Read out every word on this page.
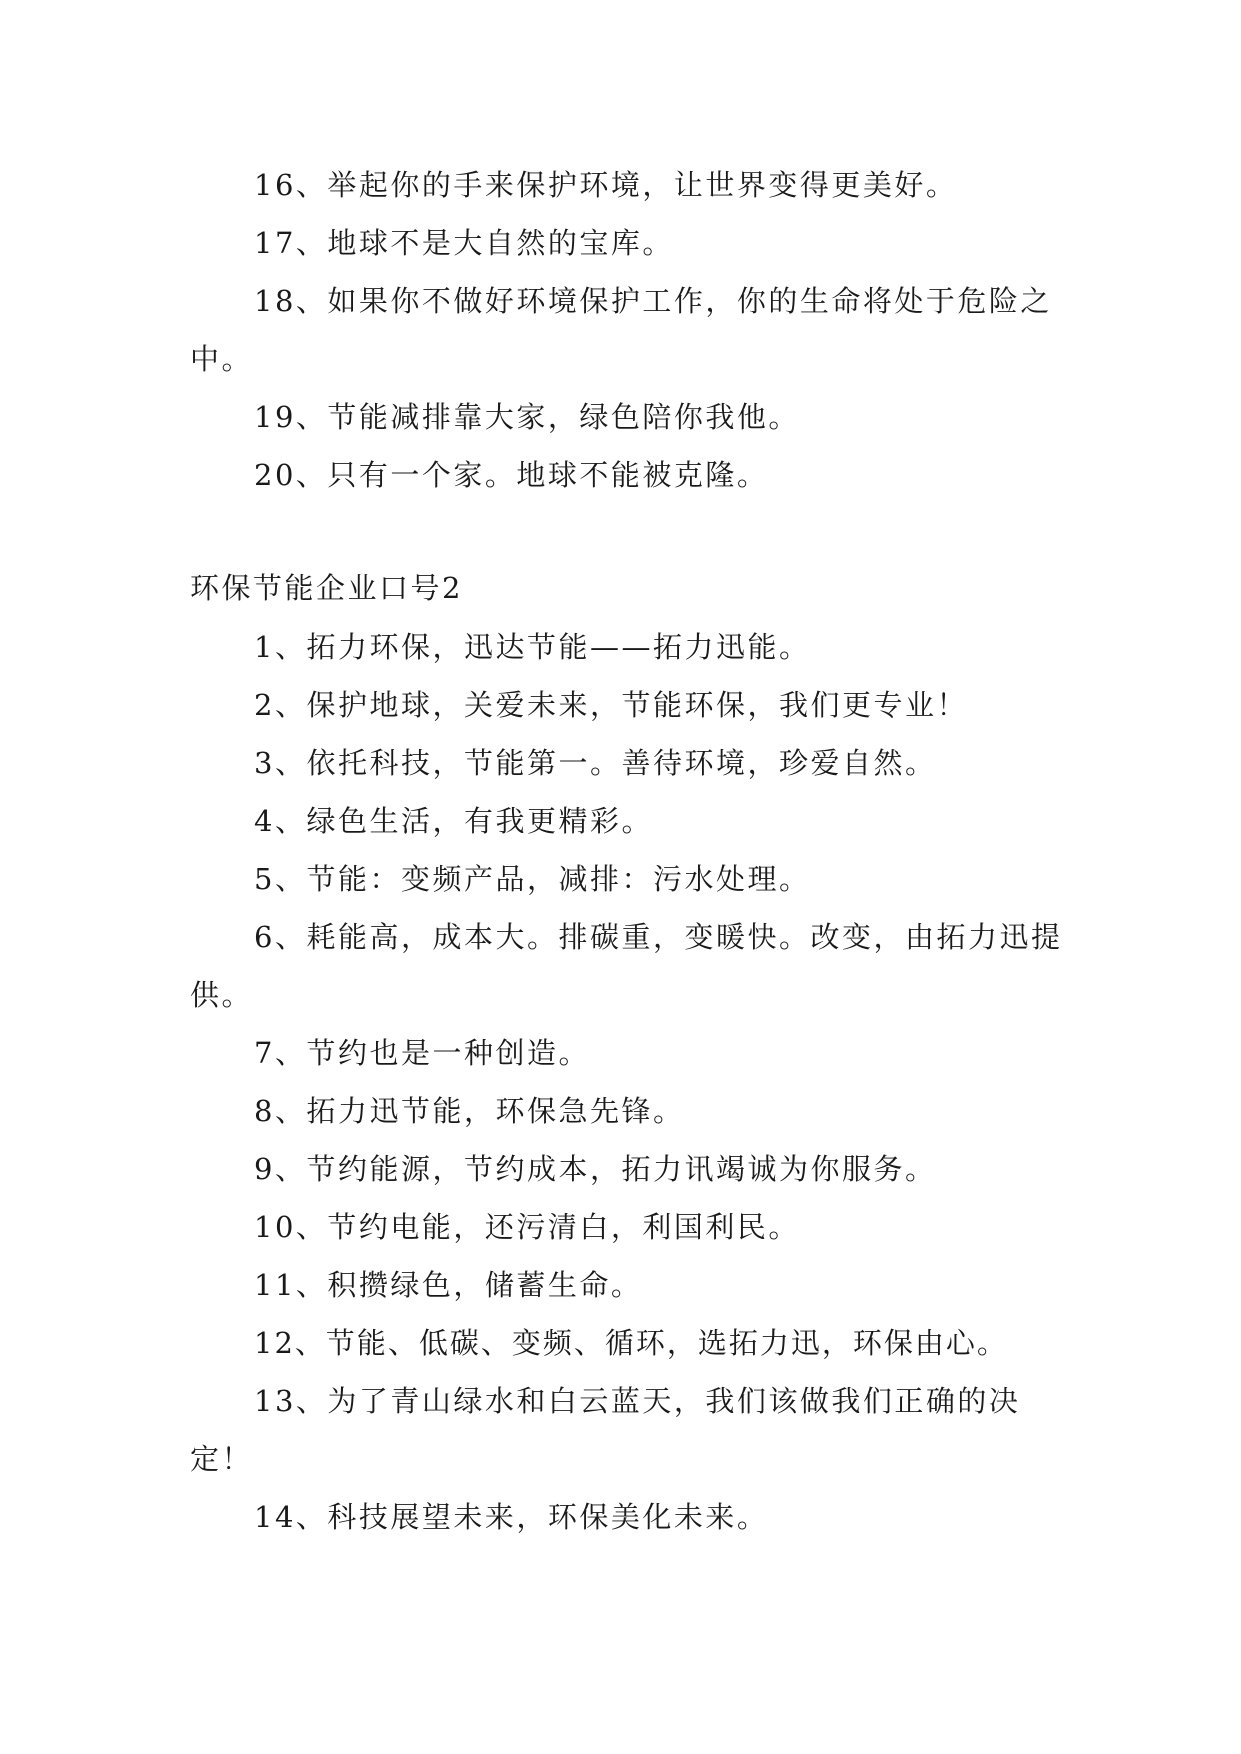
16、举起你的手来保护环境，让世界变得更美好。

17、地球不是大自然的宝库。

18、如果你不做好环境保护工作，你的生命将处于危险之中。

19、节能减排靠大家，绿色陪你我他。

20、只有一个家。地球不能被克隆。

环保节能企业口号2

1、拓力环保，迅达节能——拓力迅能。

2、保护地球，关爱未来，节能环保，我们更专业！

3、依托科技，节能第一。善待环境，珍爱自然。

4、绿色生活，有我更精彩。

5、节能：变频产品，减排：污水处理。

6、耗能高，成本大。排碳重，变暖快。改变，由拓力迅提供。

7、节约也是一种创造。

8、拓力迅节能，环保急先锋。

9、节约能源，节约成本，拓力讯竭诚为你服务。

10、节约电能，还污清白，利国利民。

11、积攒绿色，储蓄生命。

12、节能、低碳、变频、循环，选拓力迅，环保由心。

13、为了青山绿水和白云蓝天，我们该做我们正确的决定！

14、科技展望未来，环保美化未来。
